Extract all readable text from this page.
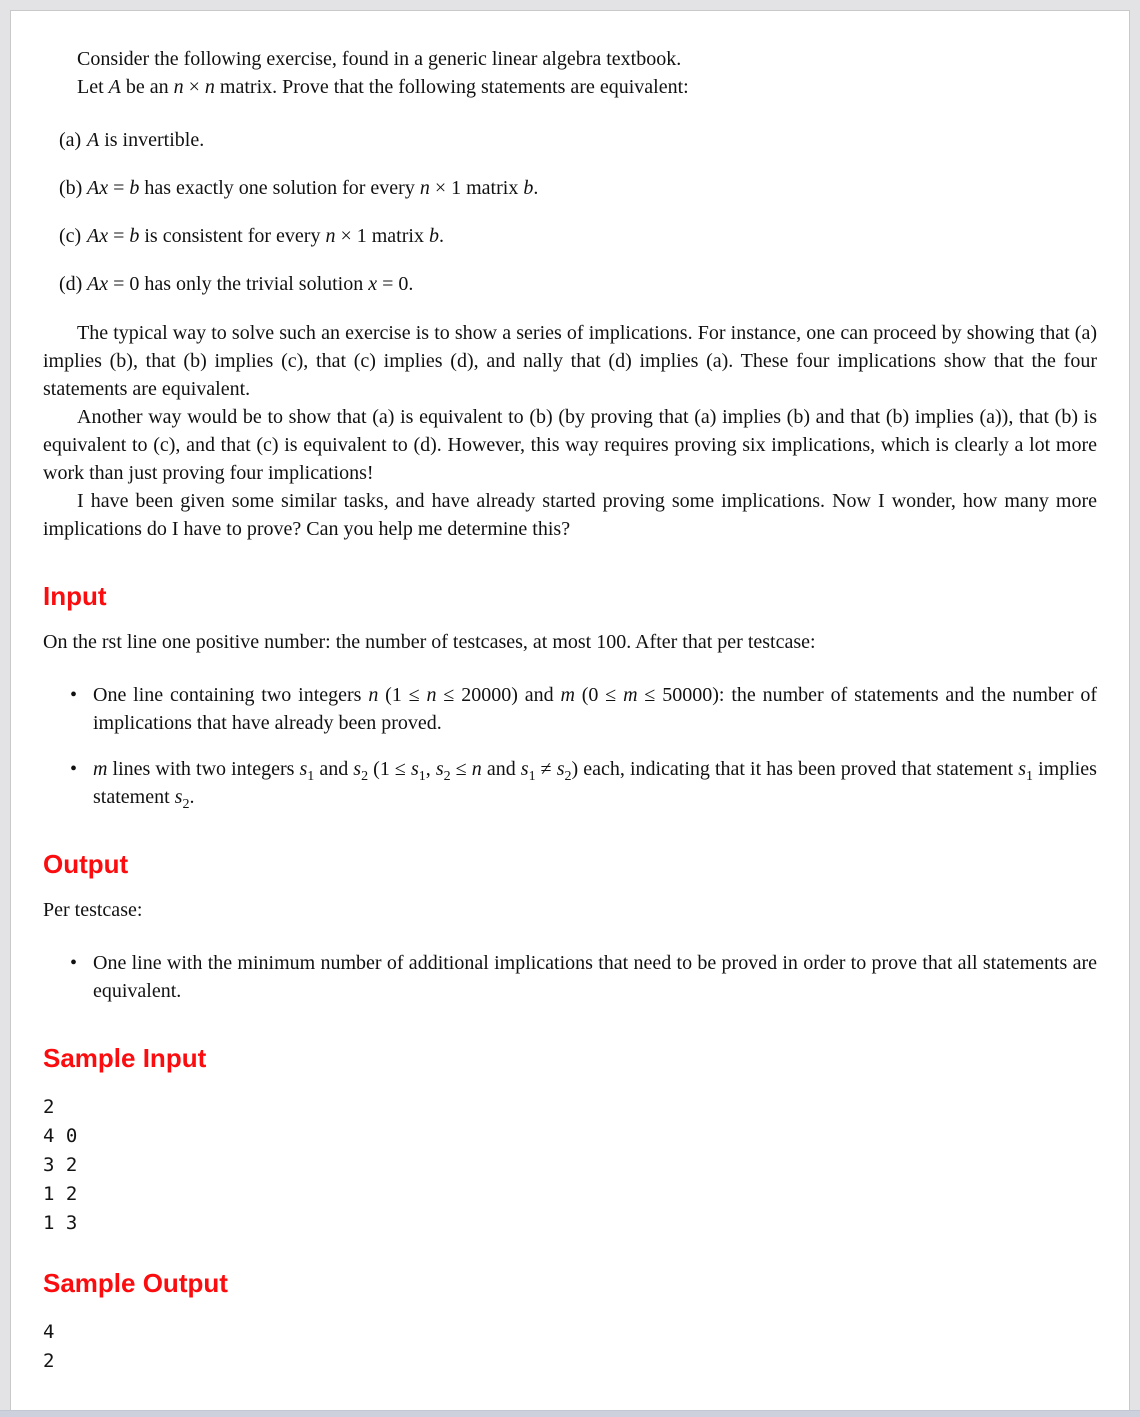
Consider the following exercise, found in a generic linear algebra textbook.

Let A be an n × n matrix. Prove that the following statements are equivalent:

(a) A is invertible.
(b) Ax = b has exactly one solution for every n × 1 matrix b.
(c) Ax = b is consistent for every n × 1 matrix b.
(d) Ax = 0 has only the trivial solution x = 0.

The typical way to solve such an exercise is to show a series of implications. For instance, one can proceed by showing that (a) implies (b), that (b) implies (c), that (c) implies (d), and nally that (d) implies (a). These four implications show that the four statements are equivalent.

Another way would be to show that (a) is equivalent to (b) (by proving that (a) implies (b) and that (b) implies (a)), that (b) is equivalent to (c), and that (c) is equivalent to (d). However, this way requires proving six implications, which is clearly a lot more work than just proving four implications!

I have been given some similar tasks, and have already started proving some implications. Now I wonder, how many more implications do I have to prove? Can you help me determine this?

Input

On the rst line one positive number: the number of testcases, at most 100. After that per testcase:

• One line containing two integers n (1 ≤ n ≤ 20000) and m (0 ≤ m ≤ 50000): the number of statements and the number of implications that have already been proved.
• m lines with two integers $s_1$ and $s_2$ ($1 \le s_1$, $s_2 \le n$ and $s_1 \ne s_2$) each, indicating that it has been proved that statement $s_1$ implies statement $s_2$.
Output

Per testcase:

• One line with the minimum number of additional implications that need to be proved in order to prove that all statements are equivalent.
Sample Input
2
4 0
3 2
1 2
1 3
Sample Output
4
2
